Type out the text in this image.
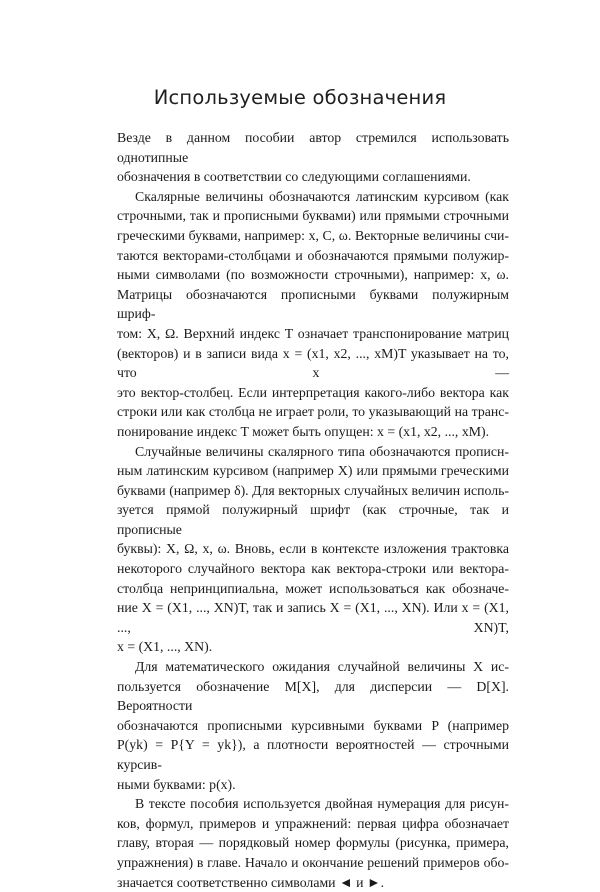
Используемые обозначения

Везде в данном пособии автор стремился использовать однотипные
обозначения в соответствии со следующими соглашениями.

Скалярные величины обозначаются латинским курсивом (как
строчными, так и прописными буквами) или прямыми строчными
греческими буквами, например: x, C, ω. Векторные величины счи-
таются векторами-столбцами и обозначаются прямыми полужир-
ными символами (по возможности строчными), например: x, ω.
Матрицы обозначаются прописными буквами полужирным шриф-
том: X, Ω. Верхний индекс T означает транспонирование матриц
(векторов) и в записи вида x = (x1, x2, ..., xM)T указывает на то, что x —
это вектор-столбец. Если интерпретация какого-либо вектора как
строки или как столбца не играет роли, то указывающий на транс-
понирование индекс T может быть опущен: x = (x1, x2, ..., xM).

Случайные величины скалярного типа обозначаются прописн-
ным латинским курсивом (например X) или прямыми греческими
буквами (например δ). Для векторных случайных величин исполь-
зуется прямой полужирный шрифт (как строчные, так и прописные
буквы): X, Ω, x, ω. Вновь, если в контексте изложения трактовка
некоторого случайного вектора как вектора-строки или вектора-
столбца непринципиальна, может использоваться как обозначе-
ние X = (X1, ..., XN)T, так и запись X = (X1, ..., XN). Или x = (X1, ..., XN)T,
x = (X1, ..., XN).

Для математического ожидания случайной величины X ис-
пользуется обозначение M[X], для дисперсии — D[X]. Вероятности
обозначаются прописными курсивными буквами P (например
P(yk) = P{Y = yk}), а плотности вероятностей — строчными курсив-
ными буквами: p(x).

В тексте пособия используется двойная нумерация для рисун-
ков, формул, примеров и упражнений: первая цифра обозначает
главу, вторая — порядковый номер формулы (рисунка, примера,
упражнения) в главе. Начало и окончание решений примеров обо-
значается соответственно символами ◄ и ►.
